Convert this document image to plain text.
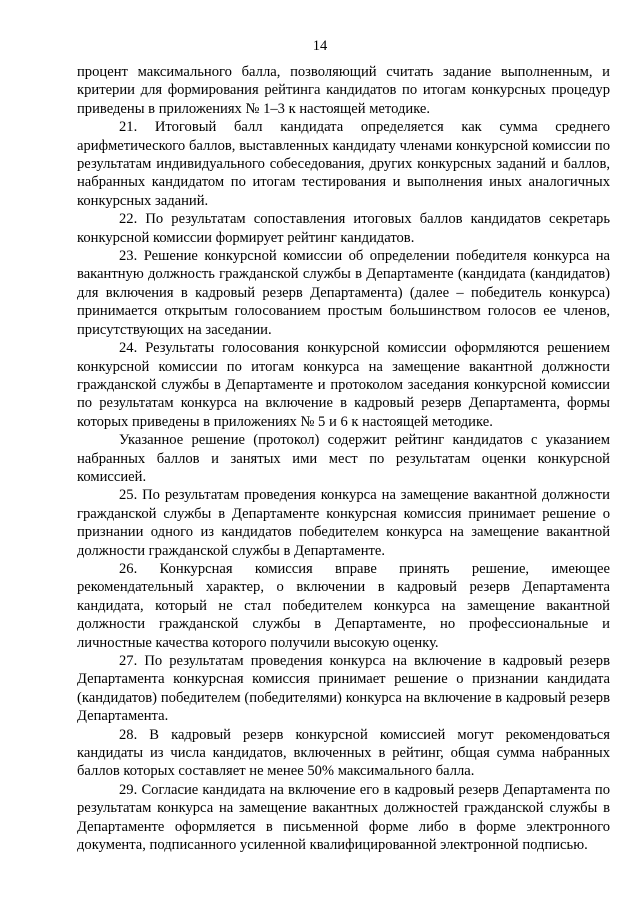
14

процент максимального балла, позволяющий считать задание выполненным, и критерии для формирования рейтинга кандидатов по итогам конкурсных процедур приведены в приложениях № 1–3 к настоящей методике.

21. Итоговый балл кандидата определяется как сумма среднего арифметического баллов, выставленных кандидату членами конкурсной комиссии по результатам индивидуального собеседования, других конкурсных заданий и баллов, набранных кандидатом по итогам тестирования и выполнения иных аналогичных конкурсных заданий.

22. По результатам сопоставления итоговых баллов кандидатов секретарь конкурсной комиссии формирует рейтинг кандидатов.

23. Решение конкурсной комиссии об определении победителя конкурса на вакантную должность гражданской службы в Департаменте (кандидата (кандидатов) для включения в кадровый резерв Департамента) (далее – победитель конкурса) принимается открытым голосованием простым большинством голосов ее членов, присутствующих на заседании.

24. Результаты голосования конкурсной комиссии оформляются решением конкурсной комиссии по итогам конкурса на замещение вакантной должности гражданской службы в Департаменте и протоколом заседания конкурсной комиссии по результатам конкурса на включение в кадровый резерв Департамента, формы которых приведены в приложениях № 5 и 6 к настоящей методике.

Указанное решение (протокол) содержит рейтинг кандидатов с указанием набранных баллов и занятых ими мест по результатам оценки конкурсной комиссией.

25. По результатам проведения конкурса на замещение вакантной должности гражданской службы в Департаменте конкурсная комиссия принимает решение о признании одного из кандидатов победителем конкурса на замещение вакантной должности гражданской службы в Департаменте.

26. Конкурсная комиссия вправе принять решение, имеющее рекомендательный характер, о включении в кадровый резерв Департамента кандидата, который не стал победителем конкурса на замещение вакантной должности гражданской службы в Департаменте, но профессиональные и личностные качества которого получили высокую оценку.

27. По результатам проведения конкурса на включение в кадровый резерв Департамента конкурсная комиссия принимает решение о признании кандидата (кандидатов) победителем (победителями) конкурса на включение в кадровый резерв Департамента.

28. В кадровый резерв конкурсной комиссией могут рекомендоваться кандидаты из числа кандидатов, включенных в рейтинг, общая сумма набранных баллов которых составляет не менее 50% максимального балла.

29. Согласие кандидата на включение его в кадровый резерв Департамента по результатам конкурса на замещение вакантных должностей гражданской службы в Департаменте оформляется в письменной форме либо в форме электронного документа, подписанного усиленной квалифицированной электронной подписью.
